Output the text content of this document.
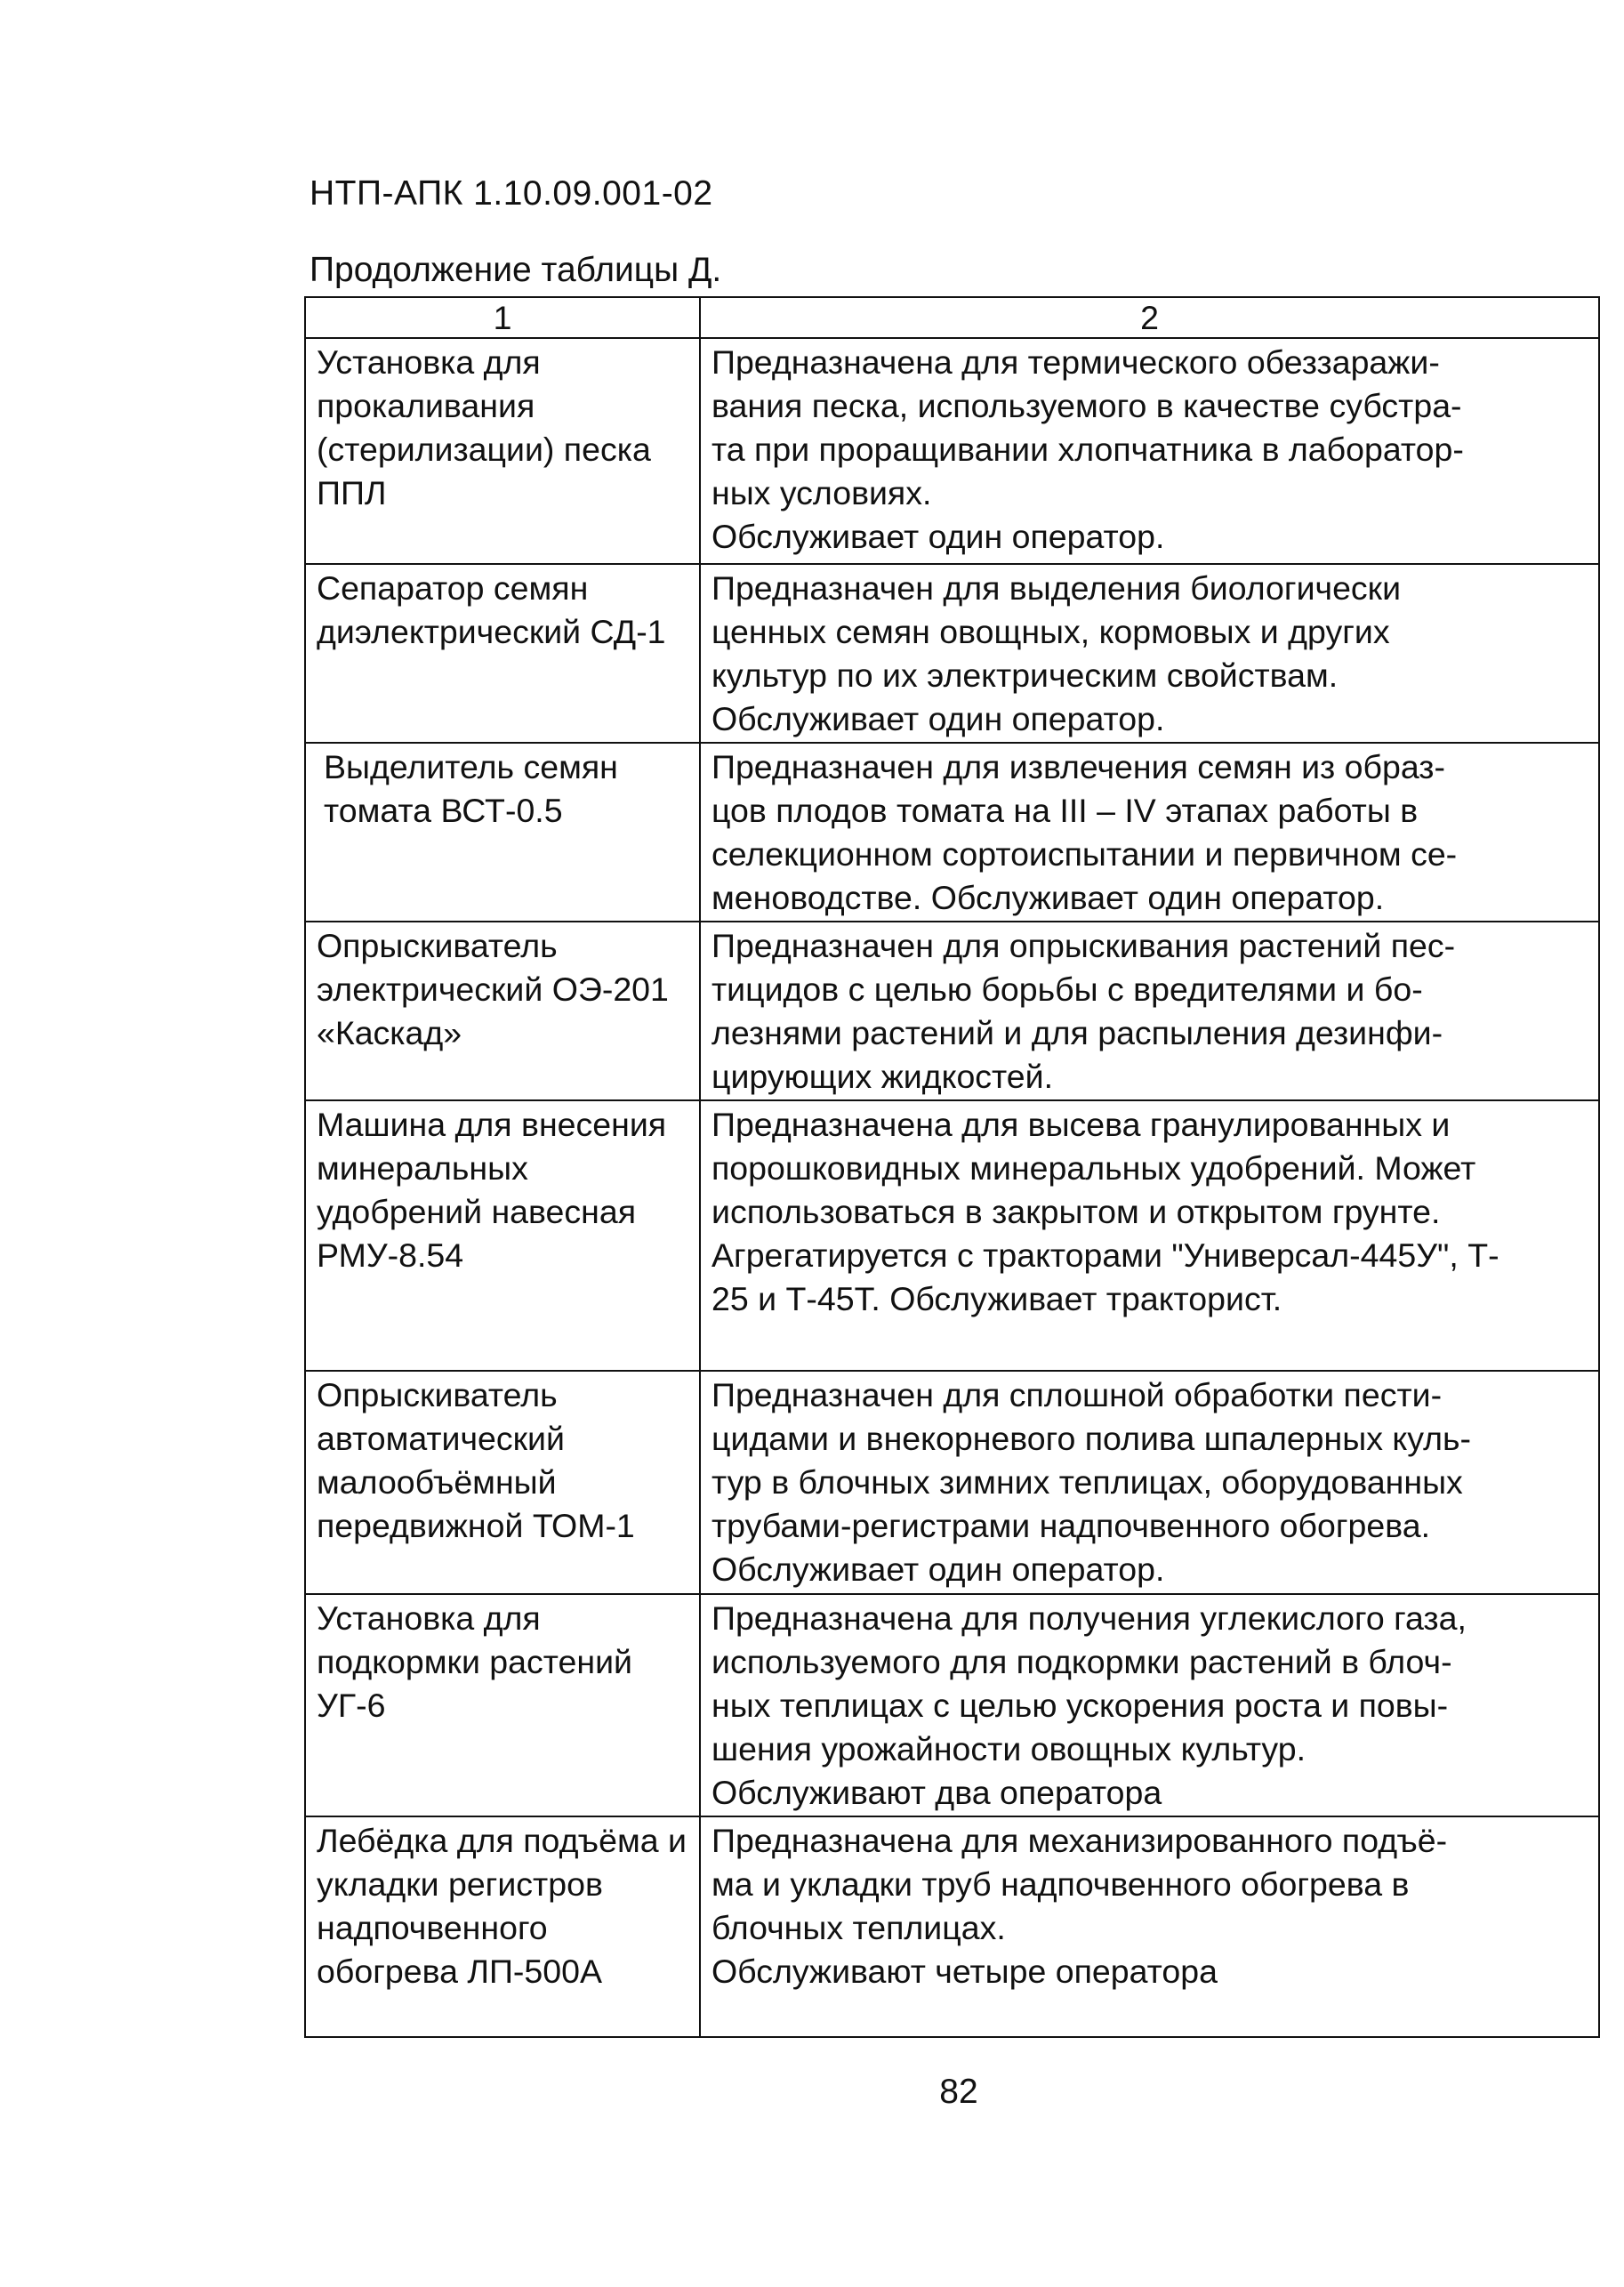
НТП-АПК 1.10.09.001-02
Продолжение таблицы Д.
1	2
Установка для прокаливания (стерилизации) песка ППЛ	Предназначена для термического обеззаражи-
вания песка, используемого в качестве субстра-
та при проращивании хлопчатника в лаборатор-
ных условиях.
Обслуживает один оператор.
Сепаратор семян диэлектрический СД-1	Предназначен для выделения биологически
ценных семян овощных, кормовых и других
культур по их электрическим свойствам.
Обслуживает один оператор.
Выделитель семян томата ВСТ-0.5	Предназначен для извлечения семян из образ-
цов плодов томата на III – IV этапах работы в
селекционном сортоиспытании и первичном се-
меноводстве. Обслуживает один оператор.
Опрыскиватель электрический ОЭ-201 «Каскад»	Предназначен для опрыскивания растений пес-
тицидов с целью борьбы с вредителями и бо-
лезнями растений и для распыления дезинфи-
цирующих жидкостей.
Машина для внесения минеральных удобрений навесная РМУ-8.54	Предназначена для высева гранулированных и
порошковидных минеральных удобрений. Может
использоваться в закрытом и открытом грунте.
Агрегатируется с тракторами "Универсал-445У", Т-
25 и Т-45Т. Обслуживает тракторист.
Опрыскиватель автоматический малообъёмный передвижной ТОМ-1	Предназначен для сплошной обработки пести-
цидами и внекорневого полива шпалерных куль-
тур в блочных зимних теплицах, оборудованных
трубами-регистрами надпочвенного обогрева.
Обслуживает один оператор.
Установка для подкормки растений УГ-6	Предназначена для получения углекислого газа,
используемого для подкормки растений в блоч-
ных теплицах с целью ускорения роста и повы-
шения урожайности овощных культур.
Обслуживают два оператора
Лебёдка для подъёма и укладки регистров надпочвенного обогрева ЛП-500А	Предназначена для механизированного подъё-
ма и укладки труб надпочвенного обогрева в
блочных теплицах.
Обслуживают четыре оператора
82
